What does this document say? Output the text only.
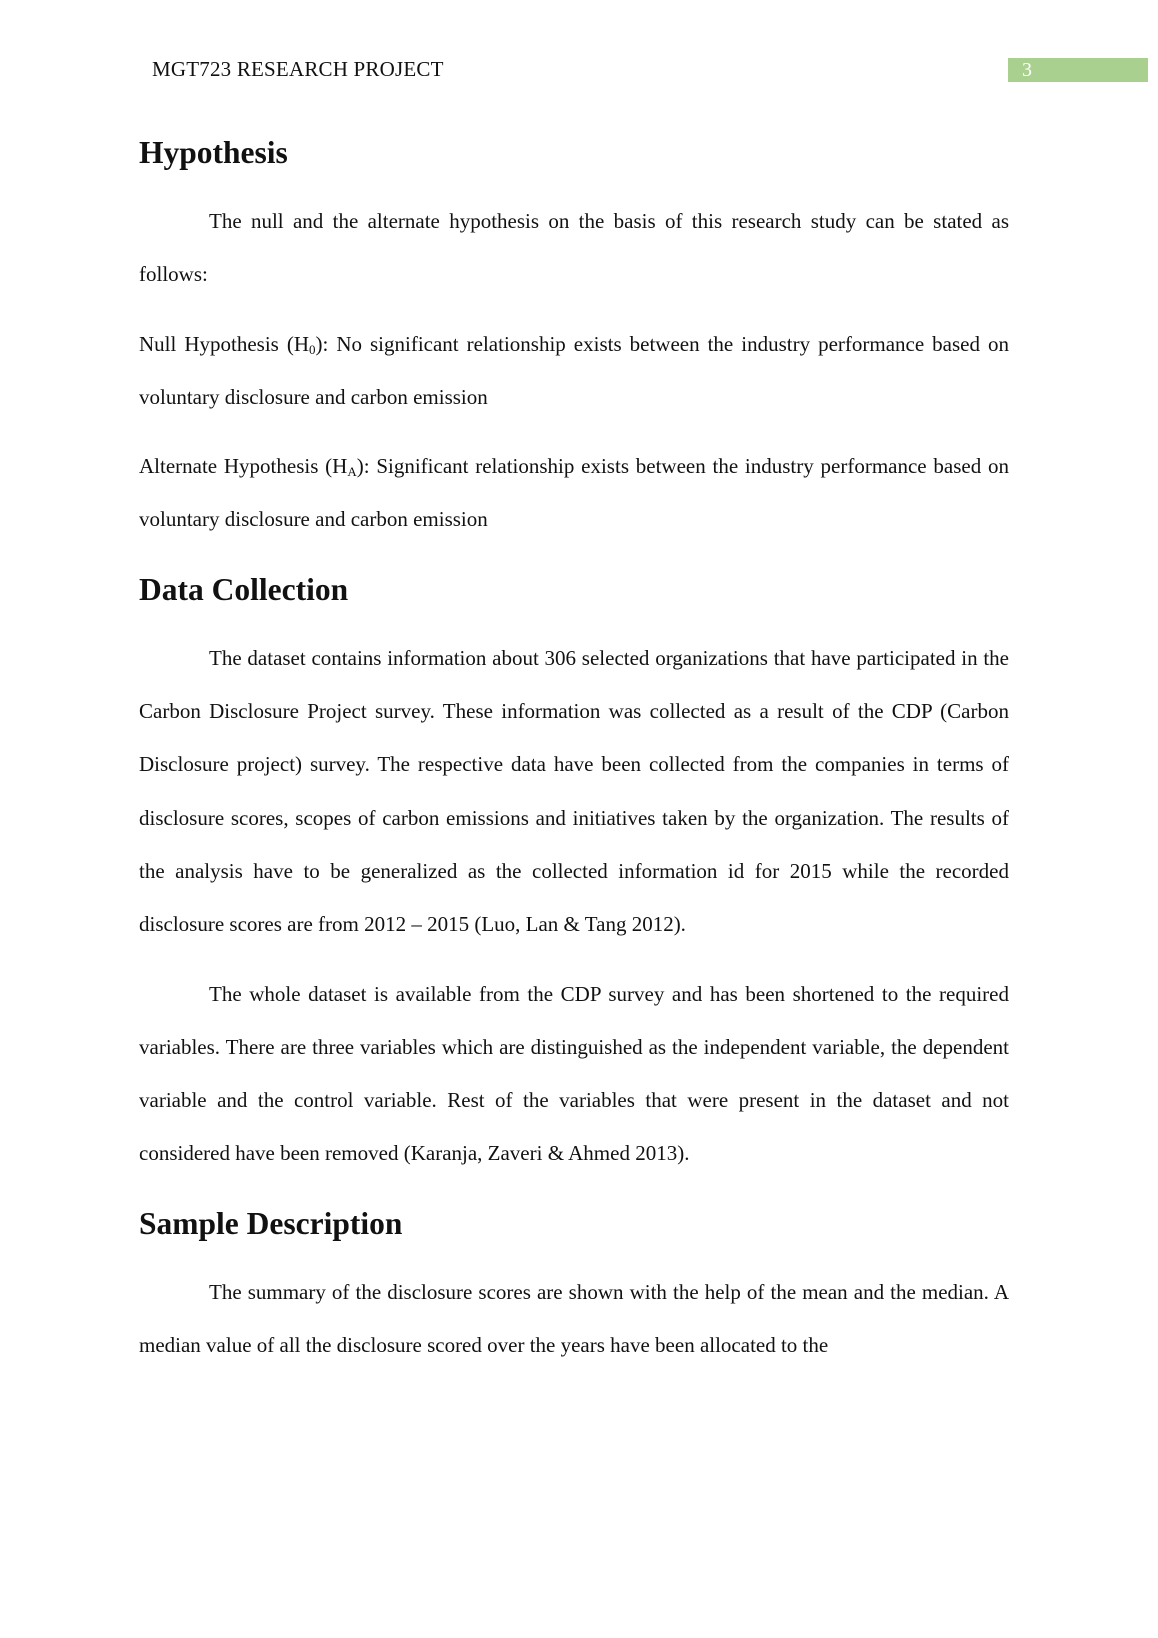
MGT723 RESEARCH PROJECT	3
Hypothesis

The null and the alternate hypothesis on the basis of this research study can be stated as follows:

Null Hypothesis $(H_0)$: No significant relationship exists between the industry performance based on voluntary disclosure and carbon emission

Alternate Hypothesis $(H_A)$: Significant relationship exists between the industry performance based on voluntary disclosure and carbon emission

Data Collection

The dataset contains information about 306 selected organizations that have participated in the Carbon Disclosure Project survey. These information was collected as a result of the CDP (Carbon Disclosure project) survey. The respective data have been collected from the companies in terms of disclosure scores, scopes of carbon emissions and initiatives taken by the organization. The results of the analysis have to be generalized as the collected information id for 2015 while the recorded disclosure scores are from 2012 – 2015 (Luo, Lan & Tang 2012).

The whole dataset is available from the CDP survey and has been shortened to the required variables. There are three variables which are distinguished as the independent variable, the dependent variable and the control variable. Rest of the variables that were present in the dataset and not considered have been removed (Karanja, Zaveri & Ahmed 2013).

Sample Description

The summary of the disclosure scores are shown with the help of the mean and the median. A median value of all the disclosure scored over the years have been allocated to the
